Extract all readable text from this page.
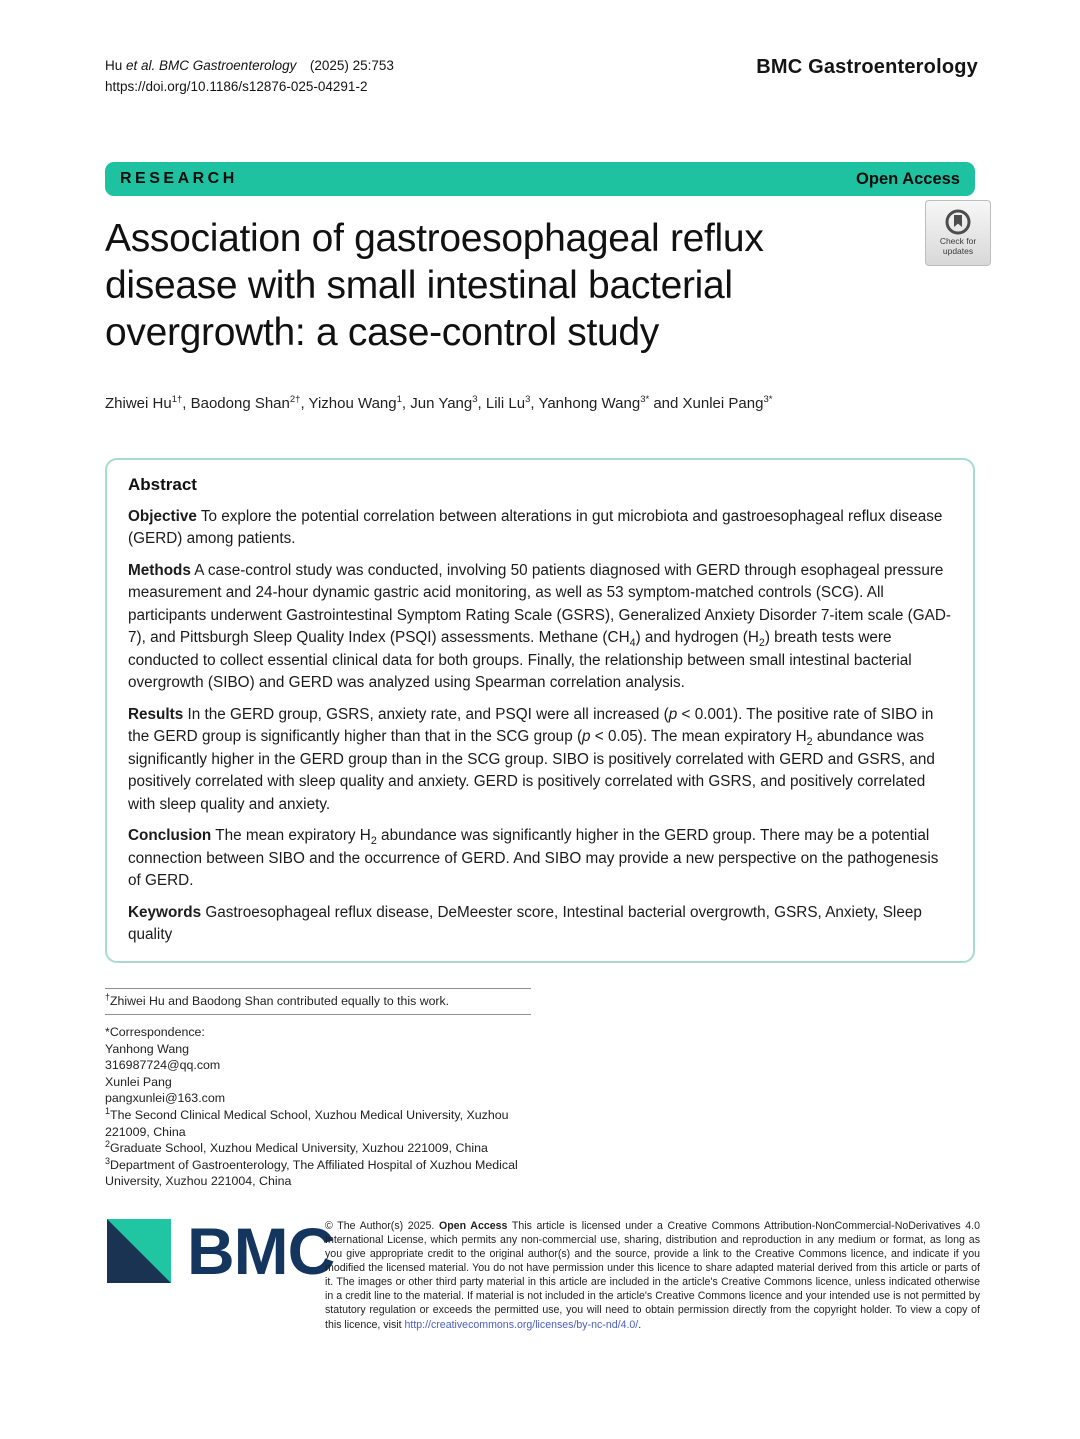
Hu et al. BMC Gastroenterology (2025) 25:753
https://doi.org/10.1186/s12876-025-04291-2
BMC Gastroenterology
RESEARCH	Open Access
Check for
updates
Association of gastroesophageal reflux disease with small intestinal bacterial overgrowth: a case-control study
Zhiwei $Hu^{1\dagger}$, Baodong Shan$^{2\dagger}$, Yizhou Wang$^1$, Jun Yang$^3$, Lili Lu$^3$, Yanhong Wang$^{3*}$ and Xunlei Pang$^{3*}$
Abstract

Objective To explore the potential correlation between alterations in gut microbiota and gastroesophageal reflux disease (GERD) among patients.

Methods A case-control study was conducted, involving 50 patients diagnosed with GERD through esophageal pressure measurement and 24-hour dynamic gastric acid monitoring, as well as 53 symptom-matched controls (SCG). All participants underwent Gastrointestinal Symptom Rating Scale (GSRS), Generalized Anxiety Disorder 7-item scale (GAD-7), and Pittsburgh Sleep Quality Index (PSQI) assessments. Methane $(CH_4)$ and hydrogen $(H_2)$ breath tests were conducted to collect essential clinical data for both groups. Finally, the relationship between small intestinal bacterial overgrowth (SIBO) and GERD was analyzed using Spearman correlation analysis.

Results In the GERD group, GSRS, anxiety rate, and PSQI were all increased (p < 0.001). The positive rate of SIBO in the GERD group is significantly higher than that in the SCG group (p < 0.05). The mean expiratory $H_2$ abundance was significantly higher in the GERD group than in the SCG group. SIBO is positively correlated with GERD and GSRS, and positively correlated with sleep quality and anxiety. GERD is positively correlated with GSRS, and positively correlated with sleep quality and anxiety.

Conclusion The mean expiratory $H_2$ abundance was significantly higher in the GERD group. There may be a potential connection between SIBO and the occurrence of GERD. And SIBO may provide a new perspective on the pathogenesis of GERD.

Keywords Gastroesophageal reflux disease, DeMeester score, Intestinal bacterial overgrowth, GSRS, Anxiety, Sleep quality

†Zhiwei Hu and Baodong Shan contributed equally to this work.
*Correspondence:
Yanhong Wang
316987724@qq.com
Xunlei Pang
pangxunlei@163.com
$^1$The Second Clinical Medical School, Xuzhou Medical University, Xuzhou 221009, China
$^2$Graduate School, Xuzhou Medical University, Xuzhou 221009, China
$^3$Department of Gastroenterology, The Affiliated Hospital of Xuzhou Medical University, Xuzhou 221004, China
BMC
© The Author(s) 2025. Open Access This article is licensed under a Creative Commons Attribution-NonCommercial-NoDerivatives 4.0 International License, which permits any non-commercial use, sharing, distribution and reproduction in any medium or format, as long as you give appropriate credit to the original author(s) and the source, provide a link to the Creative Commons licence, and indicate if you modified the licensed material. You do not have permission under this licence to share adapted material derived from this article or parts of it. The images or other third party material in this article are included in the article's Creative Commons licence, unless indicated otherwise in a credit line to the material. If material is not included in the article's Creative Commons licence and your intended use is not permitted by statutory regulation or exceeds the permitted use, you will need to obtain permission directly from the copyright holder. To view a copy of this licence, visit http://creativecommons.org/licenses/by-nc-nd/4.0/.
